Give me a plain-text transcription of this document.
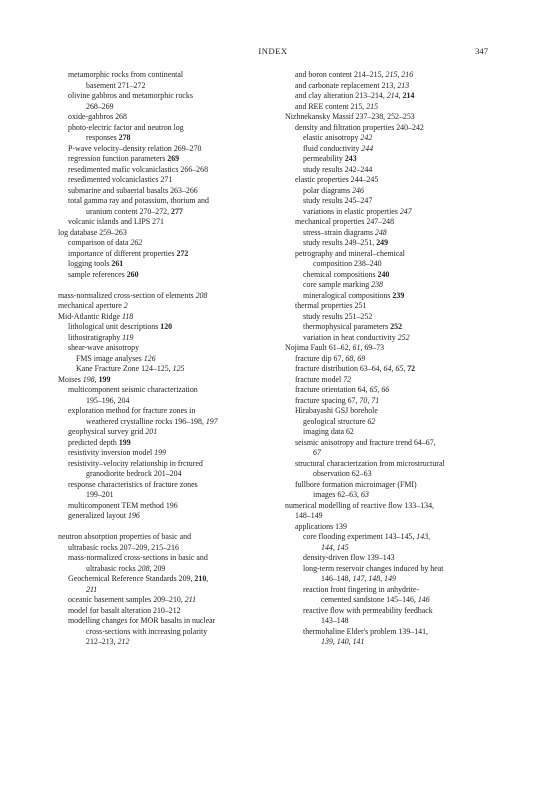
INDEX	347
metamorphic rocks from continental
basement 271–272
olivine gabbros and metamorphic rocks
268–269
oxide-gabbros 268
photo-electric factor and neutron log
responses 278
P-wave velocity–density relation 269–270
regression function parameters 269
resedimented mafic volcaniclastics 266–268
resedimented volcaniclastics 271
submarine and subaerial basalts 263–266
total gamma ray and potassium, thorium and
uranium content 270–272, 277
volcanic islands and LIPS 271
log database 259–263
comparison of data 262
importance of different properties 272
logging tools 261
sample references 260
mass-normalized cross-section of elements 208
mechanical aperture 2
Mid-Atlantic Ridge 118
lithological unit descriptions 120
lithostratigraphy 119
shear-wave anisotropy
FMS image analyses 126
Kane Fracture Zone 124–125, 125
Moises 198, 199
multicomponent seismic characterization
195–196, 204
exploration method for fracture zones in
weathered crystalline rocks 196–198, 197
geophysical survey grid 201
predicted depth 199
resistivity inversion model 199
resistivity–velocity relationship in frctured
granodiorite bedrock 201–204
response characteristics of fracture zones
199–201
multicomponent TEM method 196
generalized layout 196
neutron absorption properties of basic and
ultrabasic rocks 207–209, 215–216
mass-normalized cross-sections in basic and
ultrabasic rocks 208, 209
Geochemical Reference Standards 209, 210,
211
oceanic basement samples 209–210, 211
model for basalt alteration 210–212
modelling changes for MOR basalts in nuclear
cross-sections with increasing polarity
212–213, 212
and boron content 214–215, 215, 216
and carbonate replacement 213, 213
and clay alteration 213–214, 214, 214
and REE content 215, 215
Nizhnekansky Massif 237–238, 252–253
density and filtration properties 240–242
elastic anisotropy 242
fluid conductivity 244
permeability 243
study results 242–244
elastic properties 244–245
polar diagrams 246
study results 245–247
variations in elastic properties 247
mechanical properties 247–248
stress–strain diagrams 248
study results 249–251, 249
petrography and mineral–chemical
composition 238–240
chemical compositions 240
core sample marking 238
mineralogical compositions 239
thermal properties 251
study results 251–252
thermophysical parameters 252
variation in heat conductivity 252
Nojima Fault 61–62, 61, 69–73
fracture dip 67, 68, 69
fracture distribution 63–64, 64, 65, 72
fracture model 72
fracture orientation 64, 65, 66
fracture spacing 67, 70, 71
Hirabayashi GSJ borehole
geological structure 62
imaging data 62
seismic anisotropy and fracture trend 64–67,
67
structural characterization from microstructural
observation 62–63
fullbore formation microimager (FMI)
images 62–63, 63
numerical modelling of reactive flow 133–134,
148–149
applications 139
core flooding experiment 143–145, 143,
144, 145
density-driven flow 139–143
long-term reservoir changes induced by heat
146–148, 147, 148, 149
reaction front fingering in anhydrite-
cemented sandstone 145–146, 146
reactive flow with permeability feedback
143–148
thermohaline Elder's problem 139–141,
139, 140, 141
